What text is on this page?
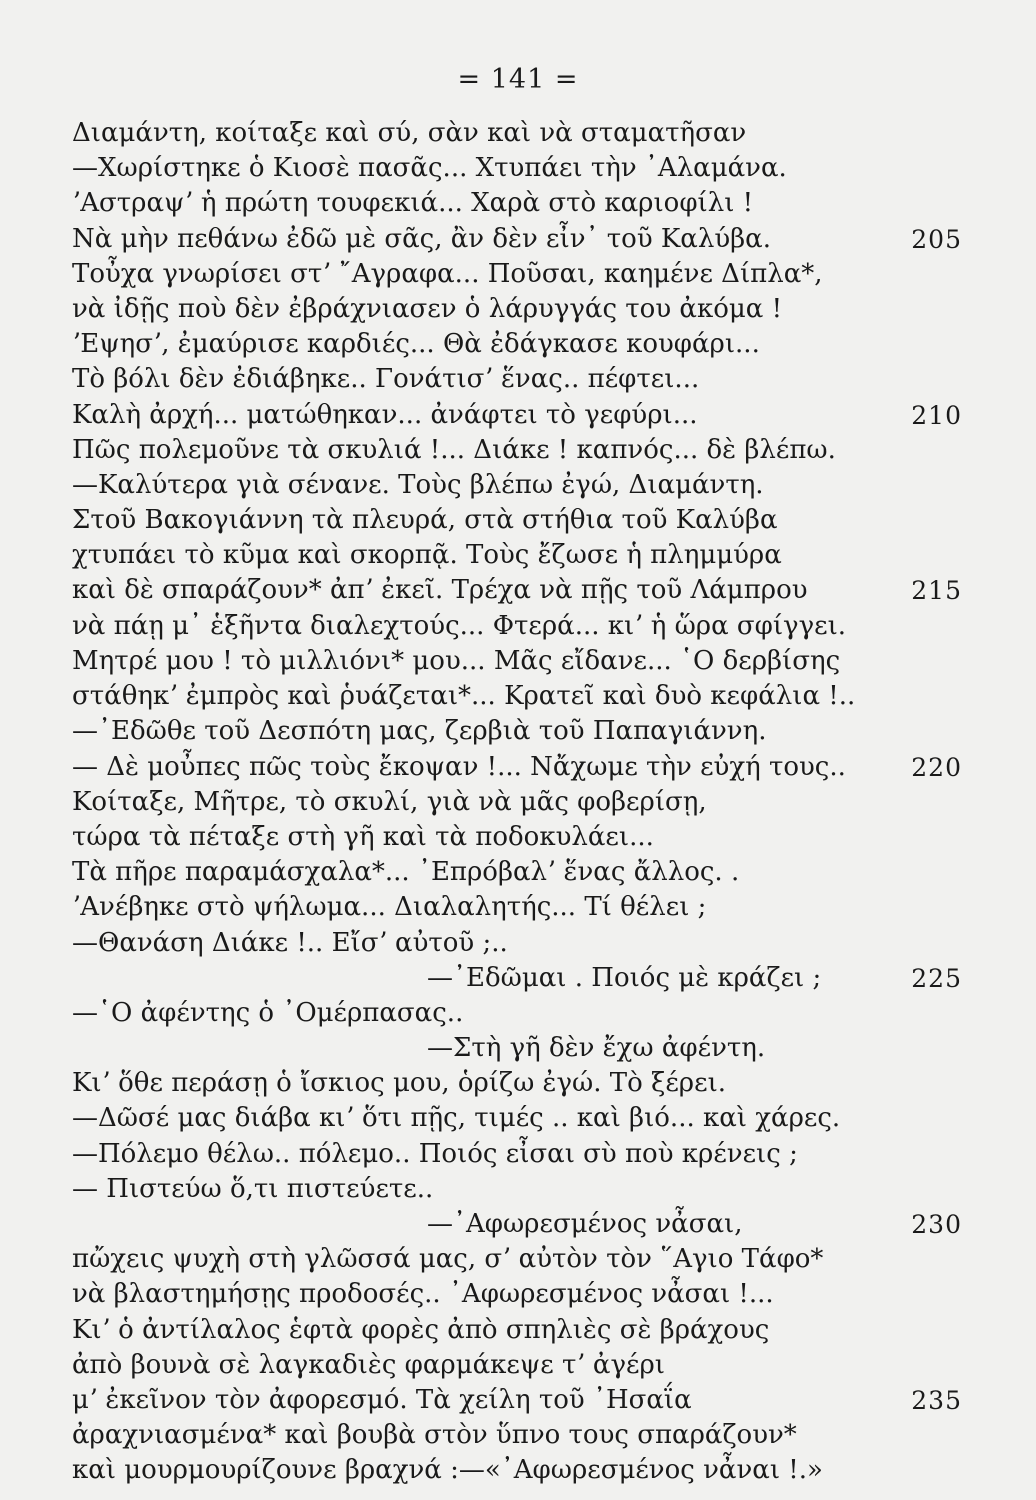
= 141 =
Διαμάντη, κοίταξε καὶ σύ, σὰν καὶ νὰ σταματῆσαν
—Χωρίστηκε ὁ Κιοσὲ πασᾶς... Χτυπάει τὴν ᾿Αλαμάνα.
ʼΑστραψʼ ἡ πρώτη τουφεκιά... Χαρὰ στὸ καριοφίλι !
Νὰ μὴν πεθάνω ἐδῶ μὲ σᾶς, ἂν δὲν εἶν᾿ τοῦ Καλύβα.	205
Τοὖχα γνωρίσει στʼ ῎Αγραφα... Ποῦσαι, καημένε Δίπλα*,
νὰ ἰδῇς ποὺ δὲν ἐβράχνιασεν ὁ λάρυγγάς του ἀκόμα !
ʼΕψησʼ, ἐμαύρισε καρδιές... Θὰ ἐδάγκασε κουφάρι...
Τὸ βόλι δὲν ἐδιάβηκε.. Γονάτισʼ ἕνας.. πέφτει...
Καλὴ ἀρχή... ματώθηκαν... ἀνάφτει τὸ γεφύρι...	210
Πῶς πολεμοῦνε τὰ σκυλιά !... Διάκε ! καπνός... δὲ βλέπω.
—Καλύτερα γιὰ σένανε. Τοὺς βλέπω ἐγώ, Διαμάντη.
Στοῦ Βακογιάννη τὰ πλευρά, στὰ στήθια τοῦ Καλύβα
χτυπάει τὸ κῦμα καὶ σκορπᾷ. Τοὺς ἔζωσε ἡ πλημμύρα
καὶ δὲ σπαράζουν* ἀπʼ ἐκεῖ. Τρέχα νὰ πῇς τοῦ Λάμπρου	215
νὰ πάῃ μ᾿ ἑξῆντα διαλεχτούς... Φτερά... κιʼ ἡ ὥρα σφίγγει.
Μητρέ μου ! τὸ μιλλιόνι* μου... Μᾶς εἴδανε... ῾Ο δερβίσης
στάθηκʼ ἐμπρὸς καὶ ῥυάζεται*... Κρατεῖ καὶ δυὸ κεφάλια !..
—᾿Εδῶθε τοῦ Δεσπότη μας, ζερβιὰ τοῦ Παπαγιάννη.
— Δὲ μοὖπες πῶς τοὺς ἔκοψαν !... Νἄχωμε τὴν εὐχή τους..	220
Κοίταξε, Μῆτρε, τὸ σκυλί, γιὰ νὰ μᾶς φοβερίσῃ,
τώρα τὰ πέταξε στὴ γῆ καὶ τὰ ποδοκυλάει...
Τὰ πῆρε παραμάσχαλα*... ᾿Επρόβαλʼ ἕνας ἄλλος. .
ʼΑνέβηκε στὸ ψήλωμα... Διαλαλητής... Τί θέλει ;
—Θανάση Διάκε !.. Εἴσʼ αὐτοῦ ;..
—᾿Εδῶμαι . Ποιός μὲ κράζει ;	225
—῾Ο ἀφέντης ὁ ᾿Ομέρπασας..
—Στὴ γῆ δὲν ἔχω ἀφέντη.
Κιʼ ὅθε περάσῃ ὁ ἴσκιος μου, ὁρίζω ἐγώ. Τὸ ξέρει.
—Δῶσέ μας διάβα κιʼ ὅτι πῇς, τιμές .. καὶ βιό... καὶ χάρες.
—Πόλεμο θέλω.. πόλεμο.. Ποιός εἶσαι σὺ ποὺ κρένεις ;
— Πιστεύω ὅ,τι πιστεύετε..
—᾿Αφωρεσμένος νἆσαι,	230
πὤχεις ψυχὴ στὴ γλῶσσά μας, σʼ αὐτὸν τὸν ῞Αγιο Τάφο*
νὰ βλαστημήσῃς προδοσές.. ᾿Αφωρεσμένος νἆσαι !...
Κιʼ ὁ ἀντίλαλος ἑφτὰ φορὲς ἀπὸ σπηλιὲς σὲ βράχους
ἀπὸ βουνὰ σὲ λαγκαδιὲς φαρμάκεψε τʼ ἀγέρι
μʼ ἐκεῖνον τὸν ἀφορεσμό. Τὰ χείλη τοῦ ᾿Ησαΐα	235
ἀραχνιασμένα* καὶ βουβὰ στὸν ὕπνο τους σπαράζουν*
καὶ μουρμουρίζουνε βραχνά :—«᾿Αφωρεσμένος νἆναι !.»
